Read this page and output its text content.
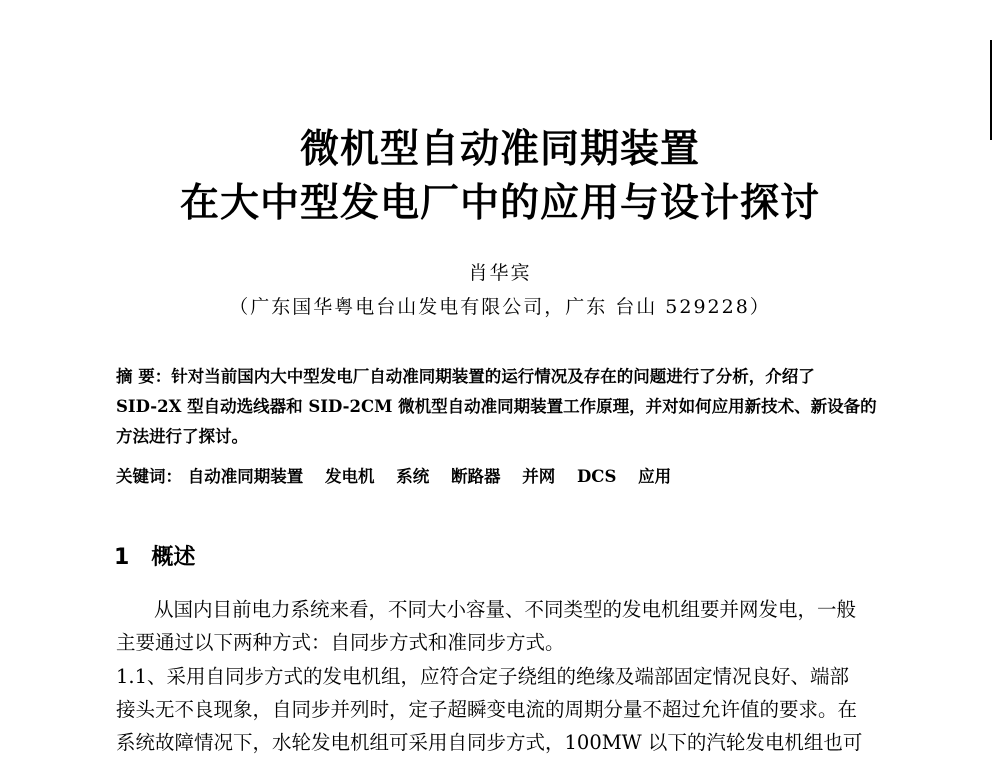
微机型自动准同期装置
在大中型发电厂中的应用与设计探讨
肖华宾
（广东国华粤电台山发电有限公司，广东 台山 529228）
摘 要：针对当前国内大中型发电厂自动准同期装置的运行情况及存在的问题进行了分析，介绍了
SID-2X 型自动选线器和 SID-2CM 微机型自动准同期装置工作原理，并对如何应用新技术、新设备的
方法进行了探讨。
关键词： 自动准同期装置 发电机 系统 断路器 并网 DCS 应用
1 概述
从国内目前电力系统来看，不同大小容量、不同类型的发电机组要并网发电，一般
主要通过以下两种方式：自同步方式和准同步方式。
1.1、采用自同步方式的发电机组，应符合定子绕组的绝缘及端部固定情况良好、端部
接头无不良现象，自同步并列时，定子超瞬变电流的周期分量不超过允许值的要求。在
系统故障情况下，水轮发电机组可采用自同步方式，100MW 以下的汽轮发电机组也可
